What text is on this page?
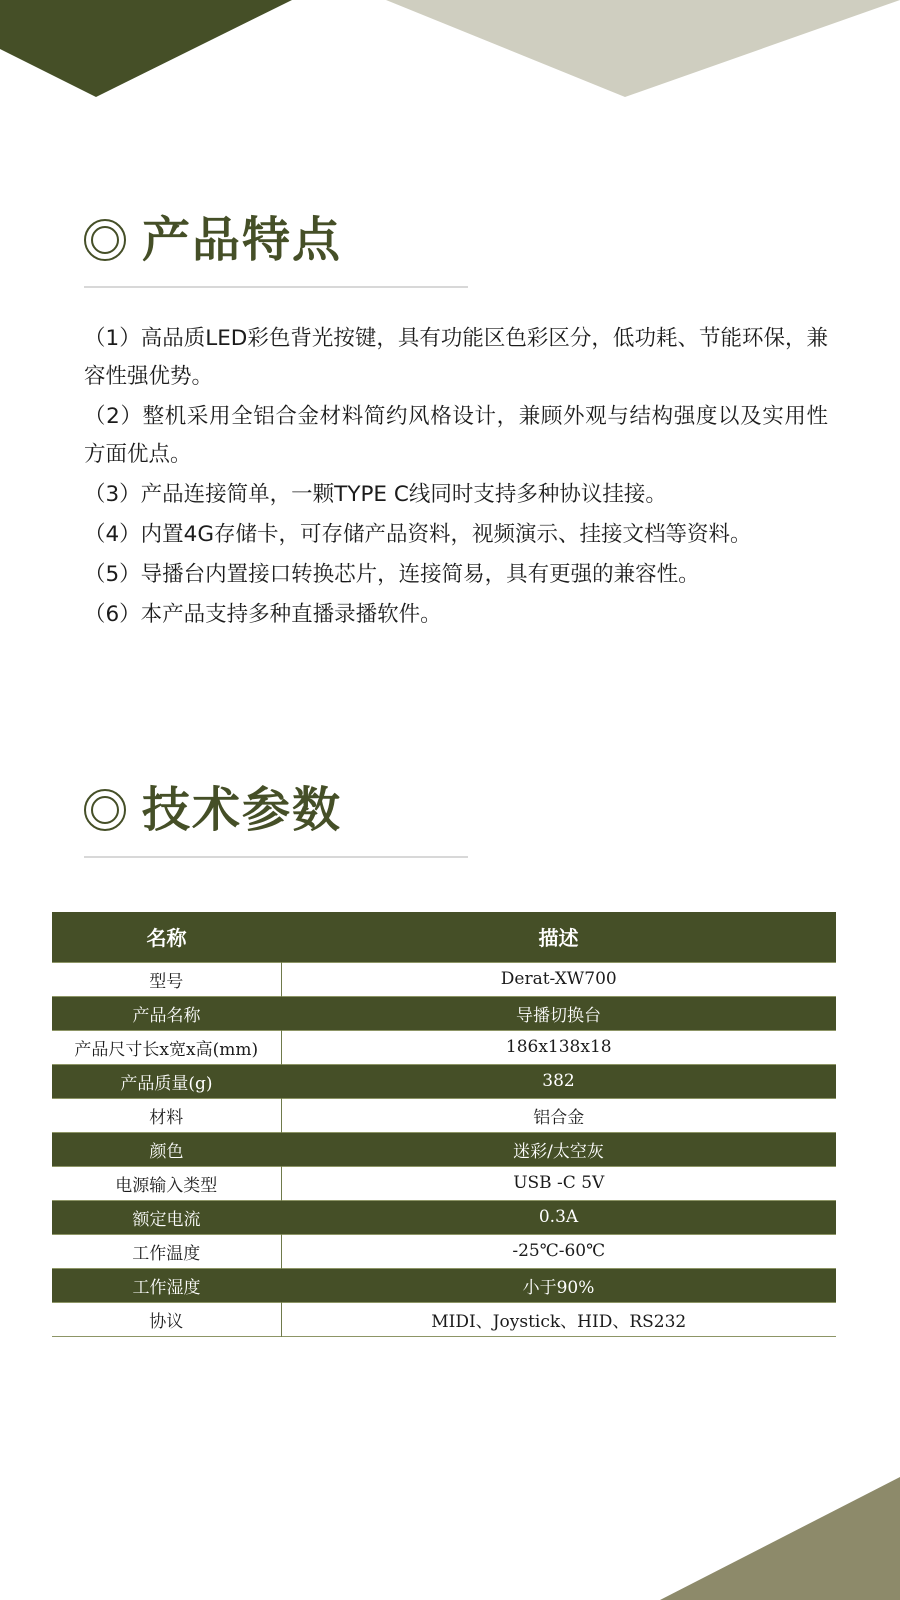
产品特点

（1）高品质LED彩色背光按键，具有功能区色彩区分，低功耗、节能环保，兼容性强优势。

（2）整机采用全铝合金材料简约风格设计，兼顾外观与结构强度以及实用性方面优点。

（3）产品连接简单，一颗TYPE C线同时支持多种协议挂接。

（4）内置4G存储卡，可存储产品资料，视频演示、挂接文档等资料。

（5）导播台内置接口转换芯片，连接简易，具有更强的兼容性。

（6）本产品支持多种直播录播软件。

技术参数
名称	描述
型号	Derat-XW700
产品名称	导播切换台
产品尺寸长x宽x高(mm)	186x138x18
产品质量(g)	382
材料	铝合金
颜色	迷彩/太空灰
电源输入类型	USB -C 5V
额定电流	0.3A
工作温度	-25℃-60℃
工作湿度	小于90%
协议	MIDI、Joystick、HID、RS232
